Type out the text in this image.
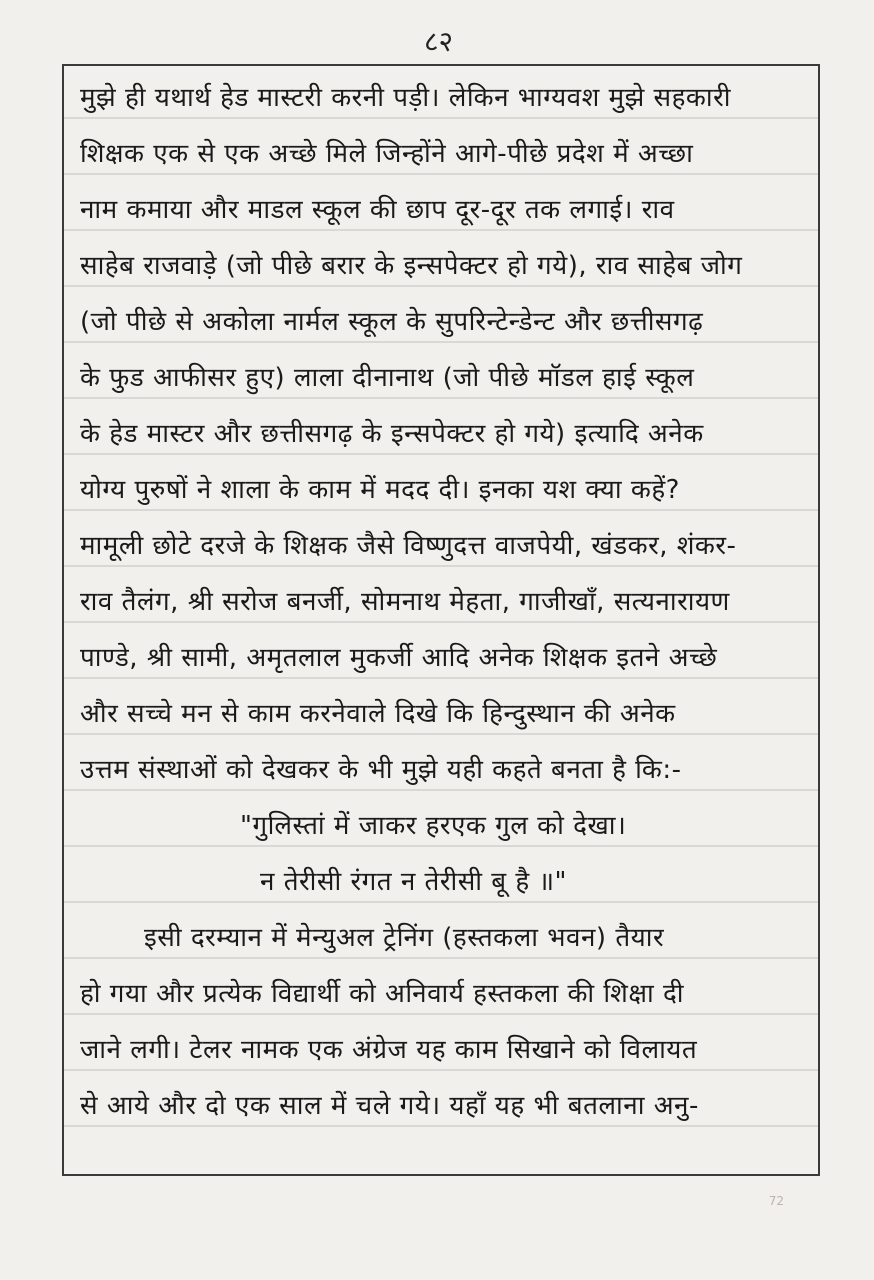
८२
मुझे ही यथार्थ हेड मास्टरी करनी पड़ी। लेकिन भाग्यवश मुझे सहकारी
शिक्षक एक से एक अच्छे मिले जिन्होंने आगे-पीछे प्रदेश में अच्छा
नाम कमाया और माडल स्कूल की छाप दूर-दूर तक लगाई। राव
साहेब राजवाड़े (जो पीछे बरार के इन्सपेक्टर हो गये), राव साहेब जोग
(जो पीछे से अकोला नार्मल स्कूल के सुपरिन्टेन्डेन्ट और छत्तीसगढ़
के फुड आफीसर हुए) लाला दीनानाथ (जो पीछे मॉडल हाई स्कूल
के हेड मास्टर और छत्तीसगढ़ के इन्सपेक्टर हो गये) इत्यादि अनेक
योग्य पुरुषों ने शाला के काम में मदद दी। इनका यश क्या कहें?
मामूली छोटे दरजे के शिक्षक जैसे विष्णुदत्त वाजपेयी, खंडकर, शंकर-
राव तैलंग, श्री सरोज बनर्जी, सोमनाथ मेहता, गाजीखाँ, सत्यनारायण
पाण्डे, श्री सामी, अमृतलाल मुकर्जी आदि अनेक शिक्षक इतने अच्छे
और सच्चे मन से काम करनेवाले दिखे कि हिन्दुस्थान की अनेक
उत्तम संस्थाओं को देखकर के भी मुझे यही कहते बनता है कि:-
"गुलिस्तां में जाकर हरएक गुल को देखा।
न तेरीसी रंगत न तेरीसी बू है ॥"
इसी दरम्यान में मेन्युअल ट्रेनिंग (हस्तकला भवन) तैयार
हो गया और प्रत्येक विद्यार्थी को अनिवार्य हस्तकला की शिक्षा दी
जाने लगी। टेलर नामक एक अंग्रेज यह काम सिखाने को विलायत
से आये और दो एक साल में चले गये। यहाँ यह भी बतलाना अनु-
72
